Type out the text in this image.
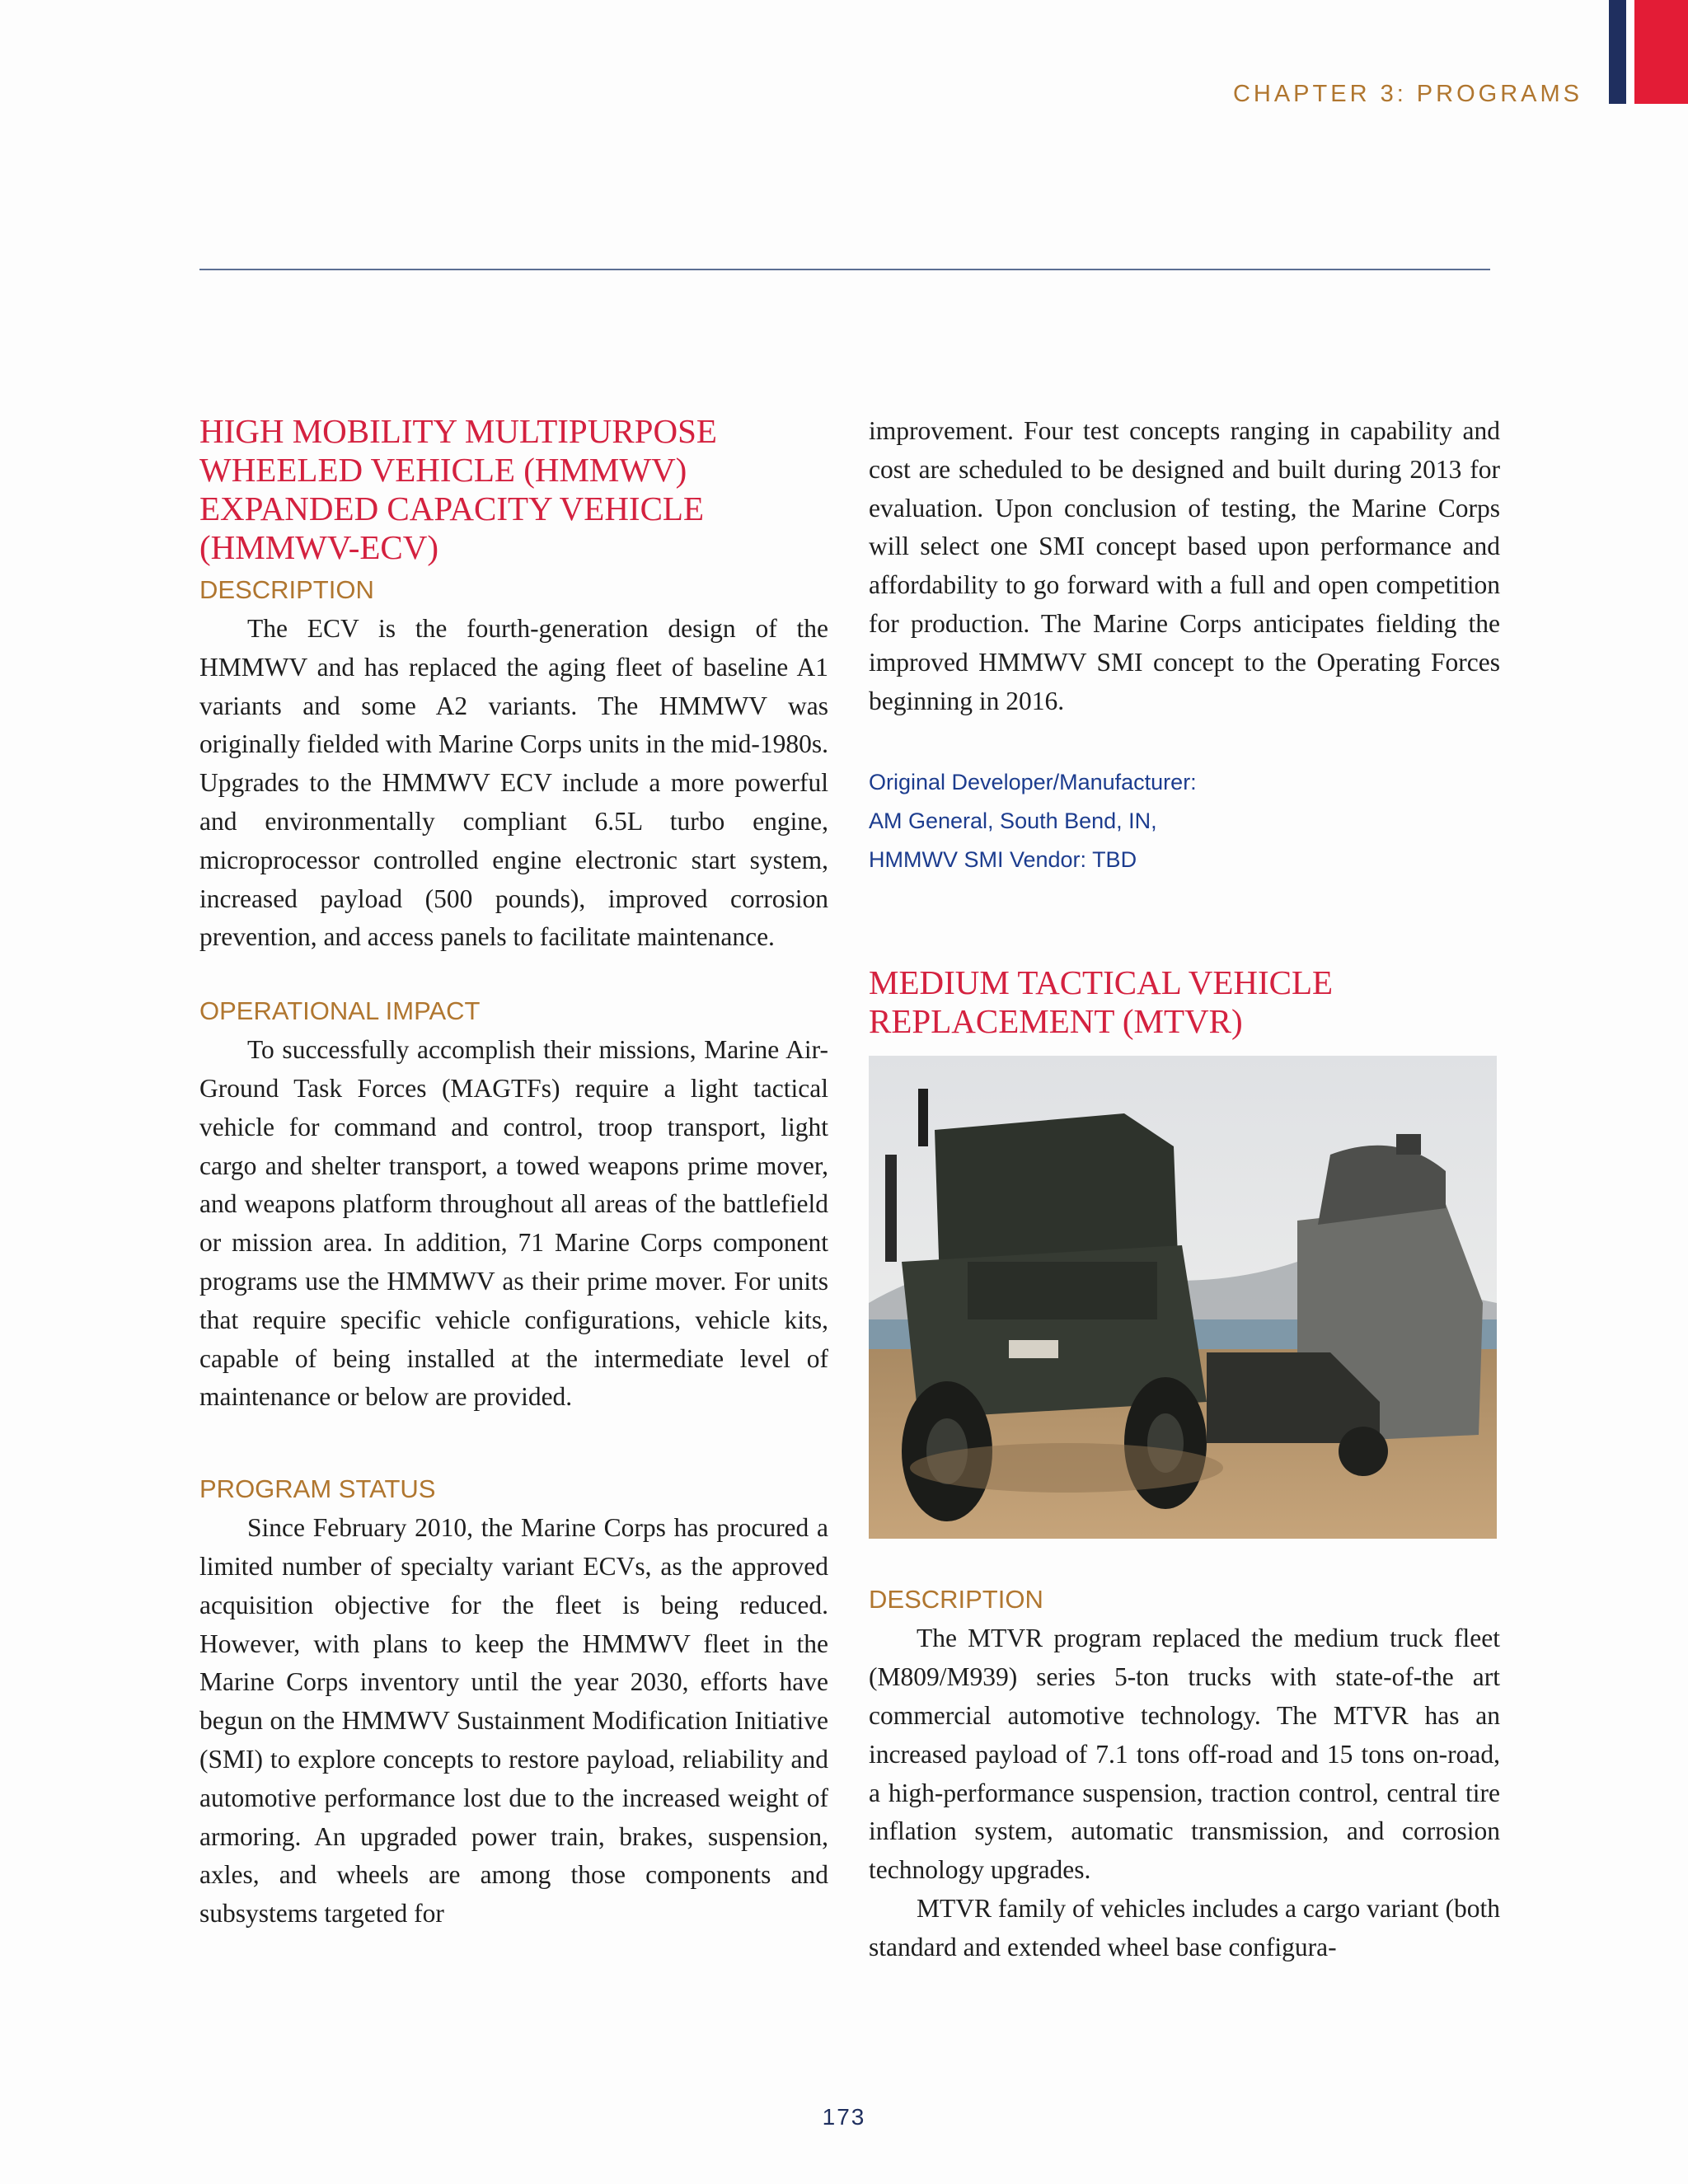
CHAPTER 3: PROGRAMS
HIGH MOBILITY MULTIPURPOSE
WHEELED VEHICLE (HMMWV)
EXPANDED CAPACITY VEHICLE
(HMMWV-ECV)
DESCRIPTION

The ECV is the fourth-generation design of the HMMWV and has replaced the aging fleet of baseline A1 variants and some A2 variants. The HMMWV was originally fielded with Marine Corps units in the mid-1980s. Upgrades to the HMMWV ECV include a more powerful and environmentally compliant 6.5L turbo engine, microprocessor controlled engine electronic start system, increased payload (500 pounds), improved corrosion prevention, and access panels to facilitate maintenance.

OPERATIONAL IMPACT

To successfully accomplish their missions, Marine Air-Ground Task Forces (MAGTFs) require a light tactical vehicle for command and control, troop transport, light cargo and shelter transport, a towed weapons prime mover, and weapons platform throughout all areas of the battlefield or mission area. In addition, 71 Marine Corps component programs use the HMMWV as their prime mover. For units that require specific vehicle configurations, vehicle kits, capable of being installed at the intermediate level of maintenance or below are provided.

PROGRAM STATUS

Since February 2010, the Marine Corps has procured a limited number of specialty variant ECVs, as the approved acquisition objective for the fleet is being reduced. However, with plans to keep the HMMWV fleet in the Marine Corps inventory until the year 2030, efforts have begun on the HMMWV Sustainment Modification Initiative (SMI) to explore concepts to restore payload, reliability and automotive performance lost due to the increased weight of armoring. An upgraded power train, brakes, suspension, axles, and wheels are among those components and subsystems targeted for

improvement. Four test concepts ranging in capability and cost are scheduled to be designed and built during 2013 for evaluation. Upon conclusion of testing, the Marine Corps will select one SMI concept based upon performance and affordability to go forward with a full and open competition for production. The Marine Corps anticipates fielding the improved HMMWV SMI concept to the Operating Forces beginning in 2016.

Original Developer/Manufacturer:
AM General, South Bend, IN,
HMMWV SMI Vendor: TBD
MEDIUM TACTICAL VEHICLE
REPLACEMENT (MTVR)
DESCRIPTION

The MTVR program replaced the medium truck fleet (M809/M939) series 5-ton trucks with state-of-the art commercial automotive technology. The MTVR has an increased payload of 7.1 tons off-road and 15 tons on-road, a high-performance suspension, traction control, central tire inflation system, automatic transmission, and corrosion technology upgrades.

MTVR family of vehicles includes a cargo variant (both standard and extended wheel base configura-

173
